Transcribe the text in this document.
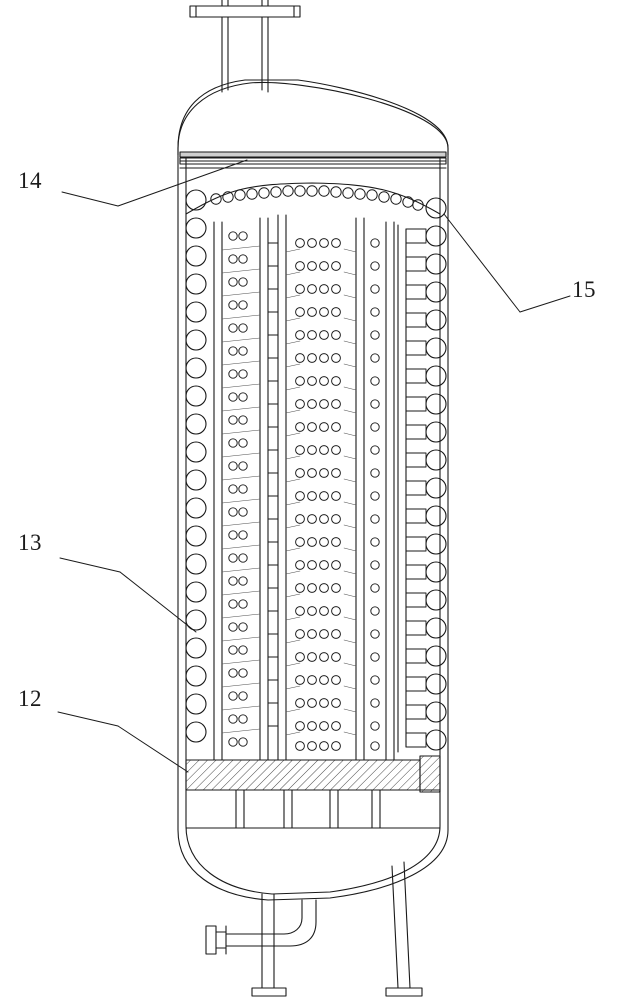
14
15
13
12
